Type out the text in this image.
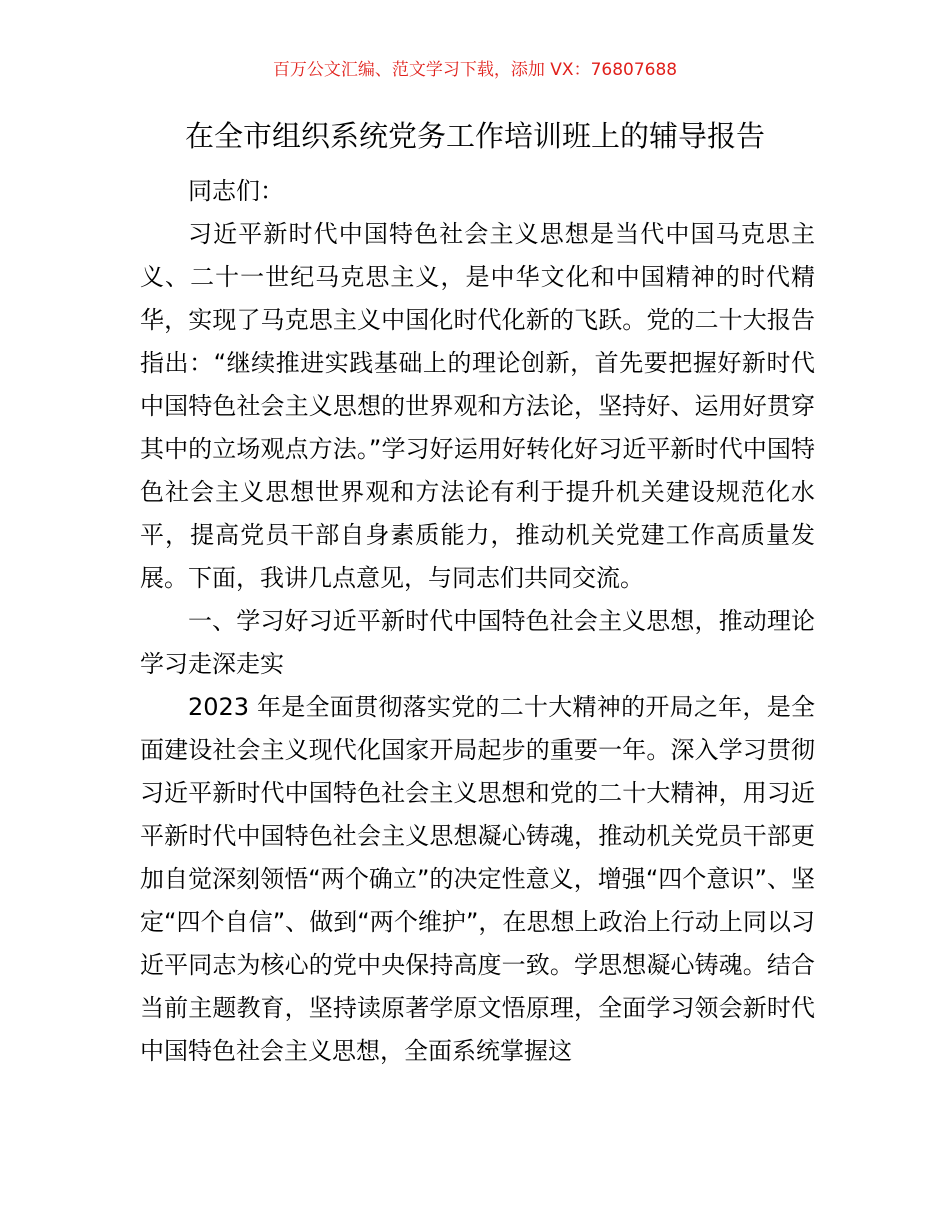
百万公文汇编、范文学习下载，添加 VX：76807688
在全市组织系统党务工作培训班上的辅导报告

同志们：

习近平新时代中国特色社会主义思想是当代中国马克思主义、二十一世纪马克思主义，是中华文化和中国精神的时代精华，实现了马克思主义中国化时代化新的飞跃。党的二十大报告指出：“继续推进实践基础上的理论创新，首先要把握好新时代中国特色社会主义思想的世界观和方法论，坚持好、运用好贯穿其中的立场观点方法。”学习好运用好转化好习近平新时代中国特色社会主义思想世界观和方法论有利于提升机关建设规范化水平，提高党员干部自身素质能力，推动机关党建工作高质量发展。下面，我讲几点意见，与同志们共同交流。

一、学习好习近平新时代中国特色社会主义思想，推动理论学习走深走实

2023 年是全面贯彻落实党的二十大精神的开局之年，是全面建设社会主义现代化国家开局起步的重要一年。深入学习贯彻习近平新时代中国特色社会主义思想和党的二十大精神，用习近平新时代中国特色社会主义思想凝心铸魂，推动机关党员干部更加自觉深刻领悟“两个确立”的决定性意义，增强“四个意识”、坚定“四个自信”、做到“两个维护”，在思想上政治上行动上同以习近平同志为核心的党中央保持高度一致。学思想凝心铸魂。结合当前主题教育，坚持读原著学原文悟原理，全面学习领会新时代中国特色社会主义思想，全面系统掌握这
